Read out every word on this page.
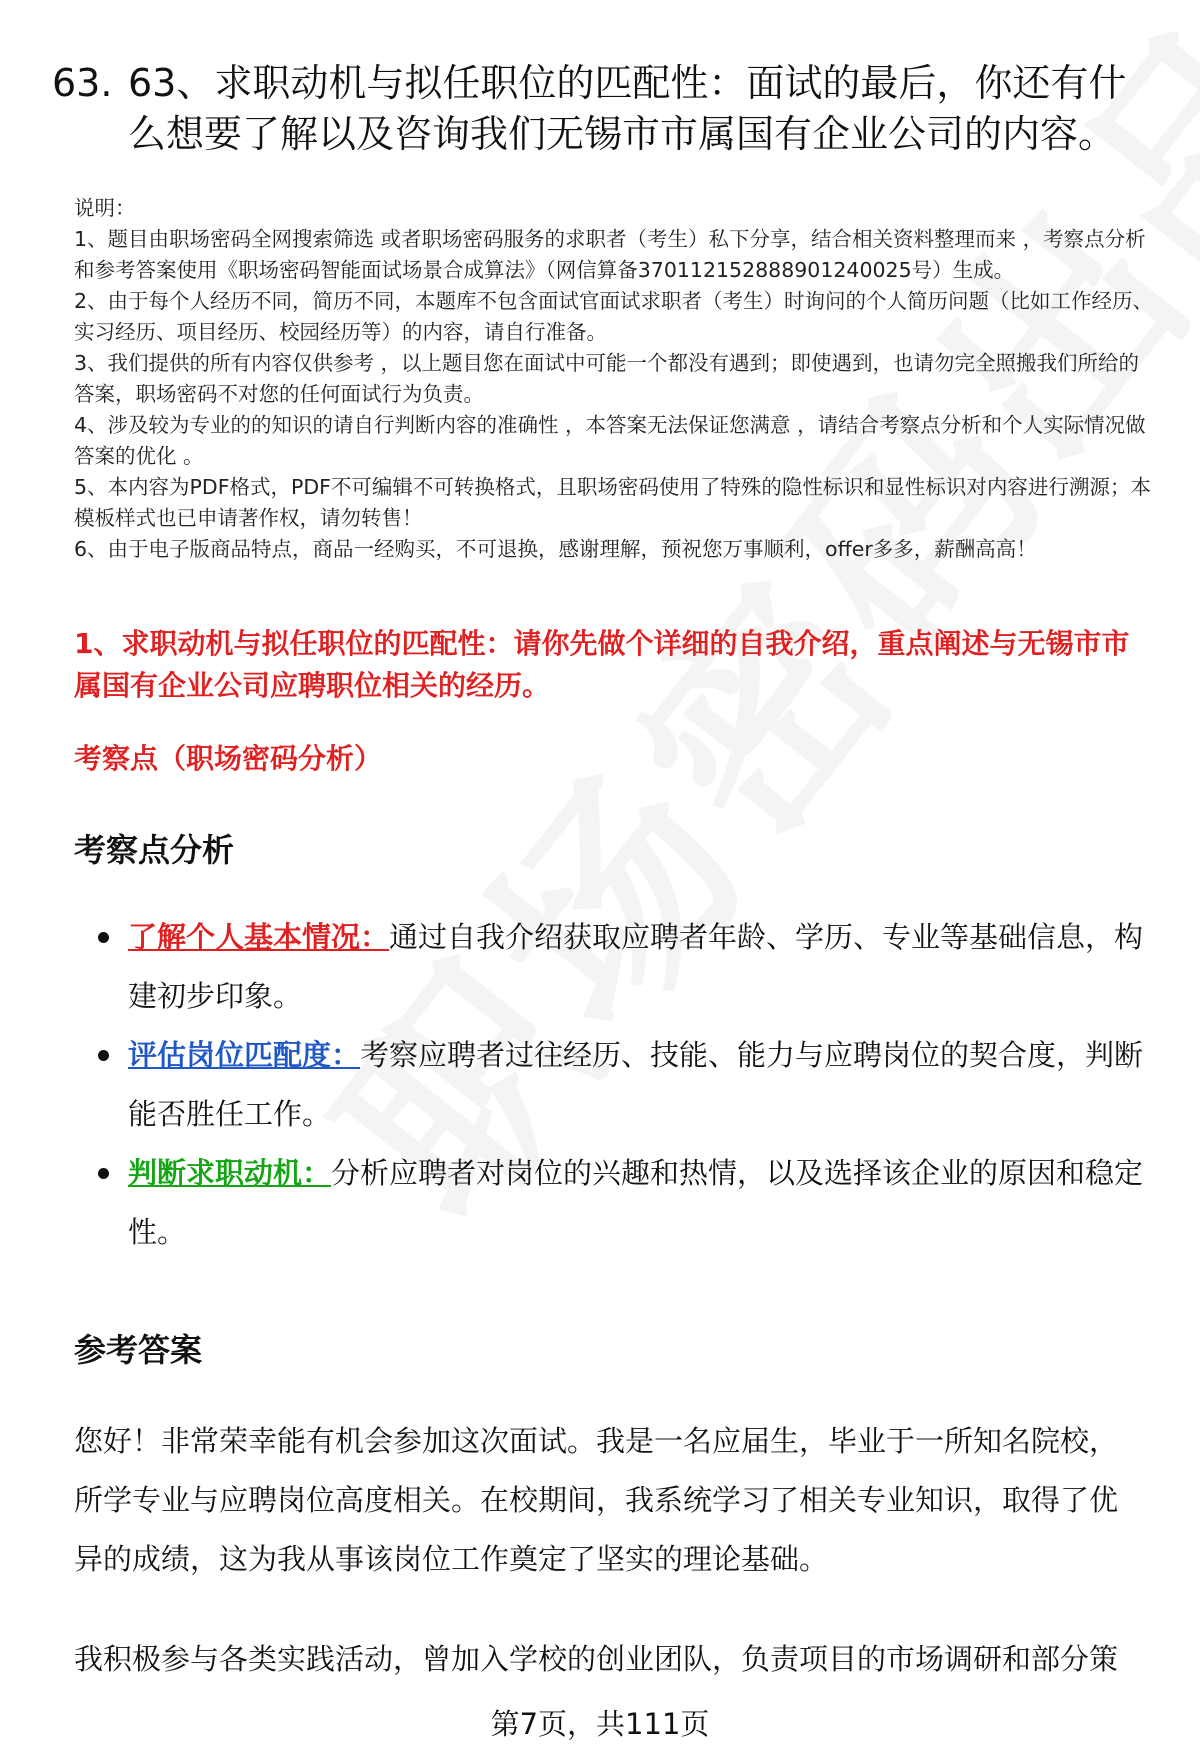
63. 63、求职动机与拟任职位的匹配性：面试的最后，你还有什么想要了解以及咨询我们无锡市市属国有企业公司的内容。

说明：

1、题目由职场密码全网搜索筛选 或者职场密码服务的求职者（考生）私下分享，结合相关资料整理而来 ，考察点分析和参考答案使用《职场密码智能面试场景合成算法》（网信算备370112152888901240025号）生成。

2、由于每个人经历不同，简历不同，本题库不包含面试官面试求职者（考生）时询问的个人简历问题（比如工作经历、实习经历、项目经历、校园经历等）的内容，请自行准备。

3、我们提供的所有内容仅供参考 ，以上题目您在面试中可能一个都没有遇到；即使遇到，也请勿完全照搬我们所给的答案，职场密码不对您的任何面试行为负责。

4、涉及较为专业的的知识的请自行判断内容的准确性 ，本答案无法保证您满意 ，请结合考察点分析和个人实际情况做答案的优化 。

5、本内容为PDF格式，PDF不可编辑不可转换格式，且职场密码使用了特殊的隐性标识和显性标识对内容进行溯源；本模板样式也已申请著作权，请勿转售！

6、由于电子版商品特点，商品一经购买，不可退换，感谢理解，预祝您万事顺利，offer多多，薪酬高高！

1、求职动机与拟任职位的匹配性：请你先做个详细的自我介绍，重点阐述与无锡市市属国有企业公司应聘职位相关的经历。
考察点（职场密码分析）
考察点分析
了解个人基本情况：通过自我介绍获取应聘者年龄、学历、专业等基础信息，构建初步印象。
评估岗位匹配度：考察应聘者过往经历、技能、能力与应聘岗位的契合度，判断能否胜任工作。
判断求职动机：分析应聘者对岗位的兴趣和热情，以及选择该企业的原因和稳定性。
参考答案

您好！非常荣幸能有机会参加这次面试。我是一名应届生，毕业于一所知名院校，所学专业与应聘岗位高度相关。在校期间，我系统学习了相关专业知识，取得了优异的成绩，这为我从事该岗位工作奠定了坚实的理论基础。

我积极参与各类实践活动，曾加入学校的创业团队，负责项目的市场调研和部分策

第7页，共111页
